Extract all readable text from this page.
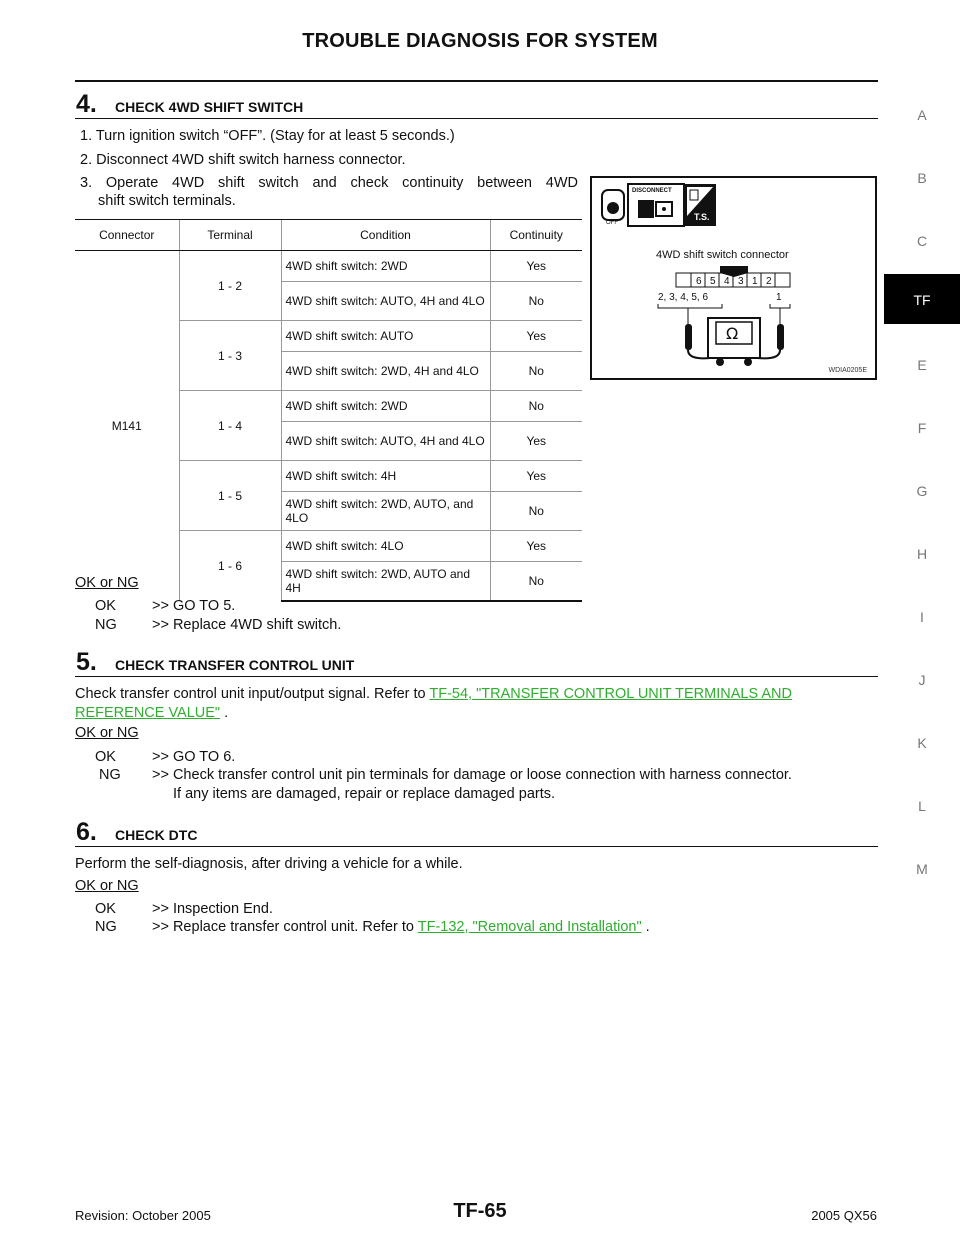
TROUBLE DIAGNOSIS FOR SYSTEM
A
B
C
TF
E
F
G
H
I
J
K
L
M
4. CHECK 4WD SHIFT SWITCH
1. Turn ignition switch “OFF”. (Stay for at least 5 seconds.)
2. Disconnect 4WD shift switch harness connector.
3. Operate 4WD shift switch and check continuity between 4WD
shift switch terminals.
Connector	Terminal	Condition	Continuity
M141	1 - 2	4WD shift switch: 2WD	Yes
		4WD shift switch: AUTO, 4H and 4LO	No
	1 - 3	4WD shift switch: AUTO	Yes
		4WD shift switch: 2WD, 4H and 4LO	No
	1 - 4	4WD shift switch: 2WD	No
		4WD shift switch: AUTO, 4H and 4LO	Yes
	1 - 5	4WD shift switch: 4H	Yes
		4WD shift switch: 2WD, AUTO, and 4LO	No
	1 - 6	4WD shift switch: 4LO	Yes
		4WD shift switch: 2WD, AUTO and 4H	No
OFF
DISCONNECT
T.S.
4WD shift switch connector
6 5 4 3 1 2
2, 3, 4, 5, 6	1
Ω
WDIA0205E
OK or NG
OK >> GO TO 5.
NG >> Replace 4WD shift switch.
5. CHECK TRANSFER CONTROL UNIT
Check transfer control unit input/output signal. Refer to TF-54, "TRANSFER CONTROL UNIT TERMINALS AND REFERENCE VALUE" .
OK or NG
OK >> GO TO 6.
NG >> Check transfer control unit pin terminals for damage or loose connection with harness connector.
If any items are damaged, repair or replace damaged parts.
6. CHECK DTC
Perform the self-diagnosis, after driving a vehicle for a while.
OK or NG
OK >> Inspection End.
NG >> Replace transfer control unit. Refer to TF-132, "Removal and Installation" .
Revision: October 2005	TF-65	2005 QX56
